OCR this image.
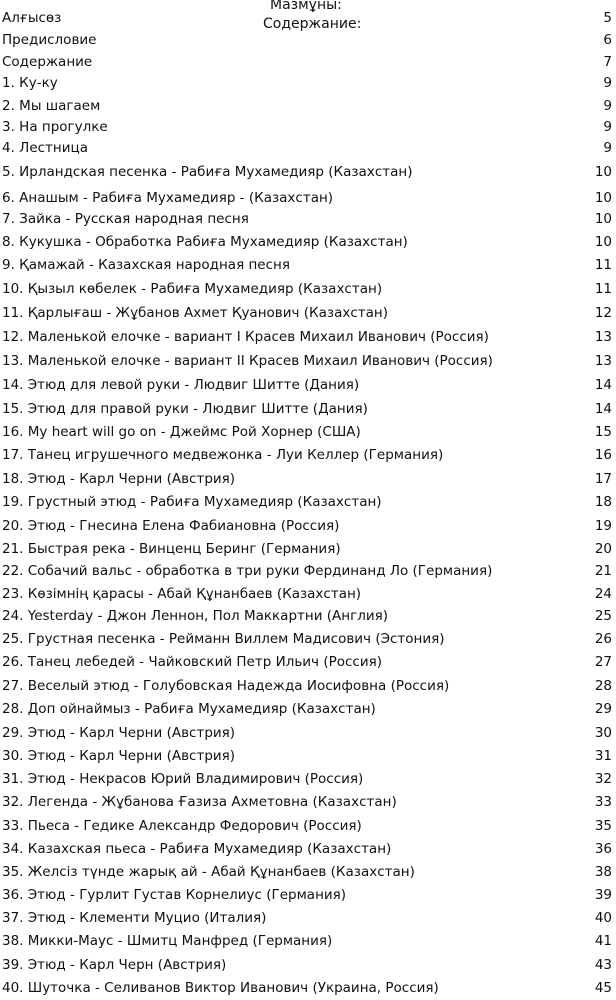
Мазмұны:
Содержание:
Алғысөз	5
Предисловие	6
Содержание	7
1. Ку-ку	9
2. Мы шагаем	9
3. На прогулке	9
4. Лестница	9
5. Ирландская песенка - Рабиға Мухамедияр (Казахстан)	10
6. Анашым - Рабиға Мухамедияр - (Казахстан)	10
7. Зайка - Русская народная песня	10
8. Кукушка - Обработка Рабиға Мухамедияр (Казахстан)	10
9. Қамажай - Казахская народная песня	11
10. Қызыл көбелек - Рабиға Мухамедияр (Казахстан)	11
11. Қарлығаш - Жұбанов Ахмет Қуанович (Казахстан)	12
12. Маленькой елочке - вариант I Красев Михаил Иванович (Россия)	13
13. Маленькой елочке - вариант II Красев Михаил Иванович (Россия)	13
14. Этюд для левой руки - Людвиг Шитте (Дания)	14
15. Этюд для правой руки - Людвиг Шитте (Дания)	14
16. My heart will go on - Джеймс Рой Хорнер (США)	15
17. Танец игрушечного медвежонка - Луи Келлер (Германия)	16
18. Этюд - Карл Черни (Австрия)	17
19. Грустный этюд - Рабиға Мухамедияр (Казахстан)	18
20. Этюд - Гнесина Елена Фабиановна (Россия)	19
21. Быстрая река - Винценц Беринг (Германия)	20
22. Собачий вальс - обработка в три руки Фердинанд Ло (Германия)	21
23. Көзімнің қарасы - Абай Құнанбаев (Казахстан)	24
24. Yesterday - Джон Леннон, Пол Маккартни (Англия)	25
25. Грустная песенка - Рейманн Виллем Мадисович (Эстония)	26
26. Танец лебедей - Чайковский Петр Ильич (Россия)	27
27. Веселый этюд - Голубовская Надежда Иосифовна (Россия)	28
28. Доп ойнаймыз - Рабиға Мухамедияр (Казахстан)	29
29. Этюд - Карл Черни (Австрия)	30
30. Этюд - Карл Черни (Австрия)	31
31. Этюд - Некрасов Юрий Владимирович (Россия)	32
32. Легенда - Жұбанова Ғазиза Ахметовна (Казахстан)	33
33. Пьеса - Гедике Александр Федорович (Россия)	35
34. Казахская пьеса - Рабиға Мухамедияр (Казахстан)	36
35. Желсіз түнде жарық ай - Абай Құнанбаев (Казахстан)	38
36. Этюд - Гурлит Густав Корнелиус (Германия)	39
37. Этюд - Клементи Муцио (Италия)	40
38. Микки-Маус - Шмитц Манфред (Германия)	41
39. Этюд - Карл Черн (Австрия)	43
40. Шуточка - Селиванов Виктор Иванович (Украина, Россия)	45
